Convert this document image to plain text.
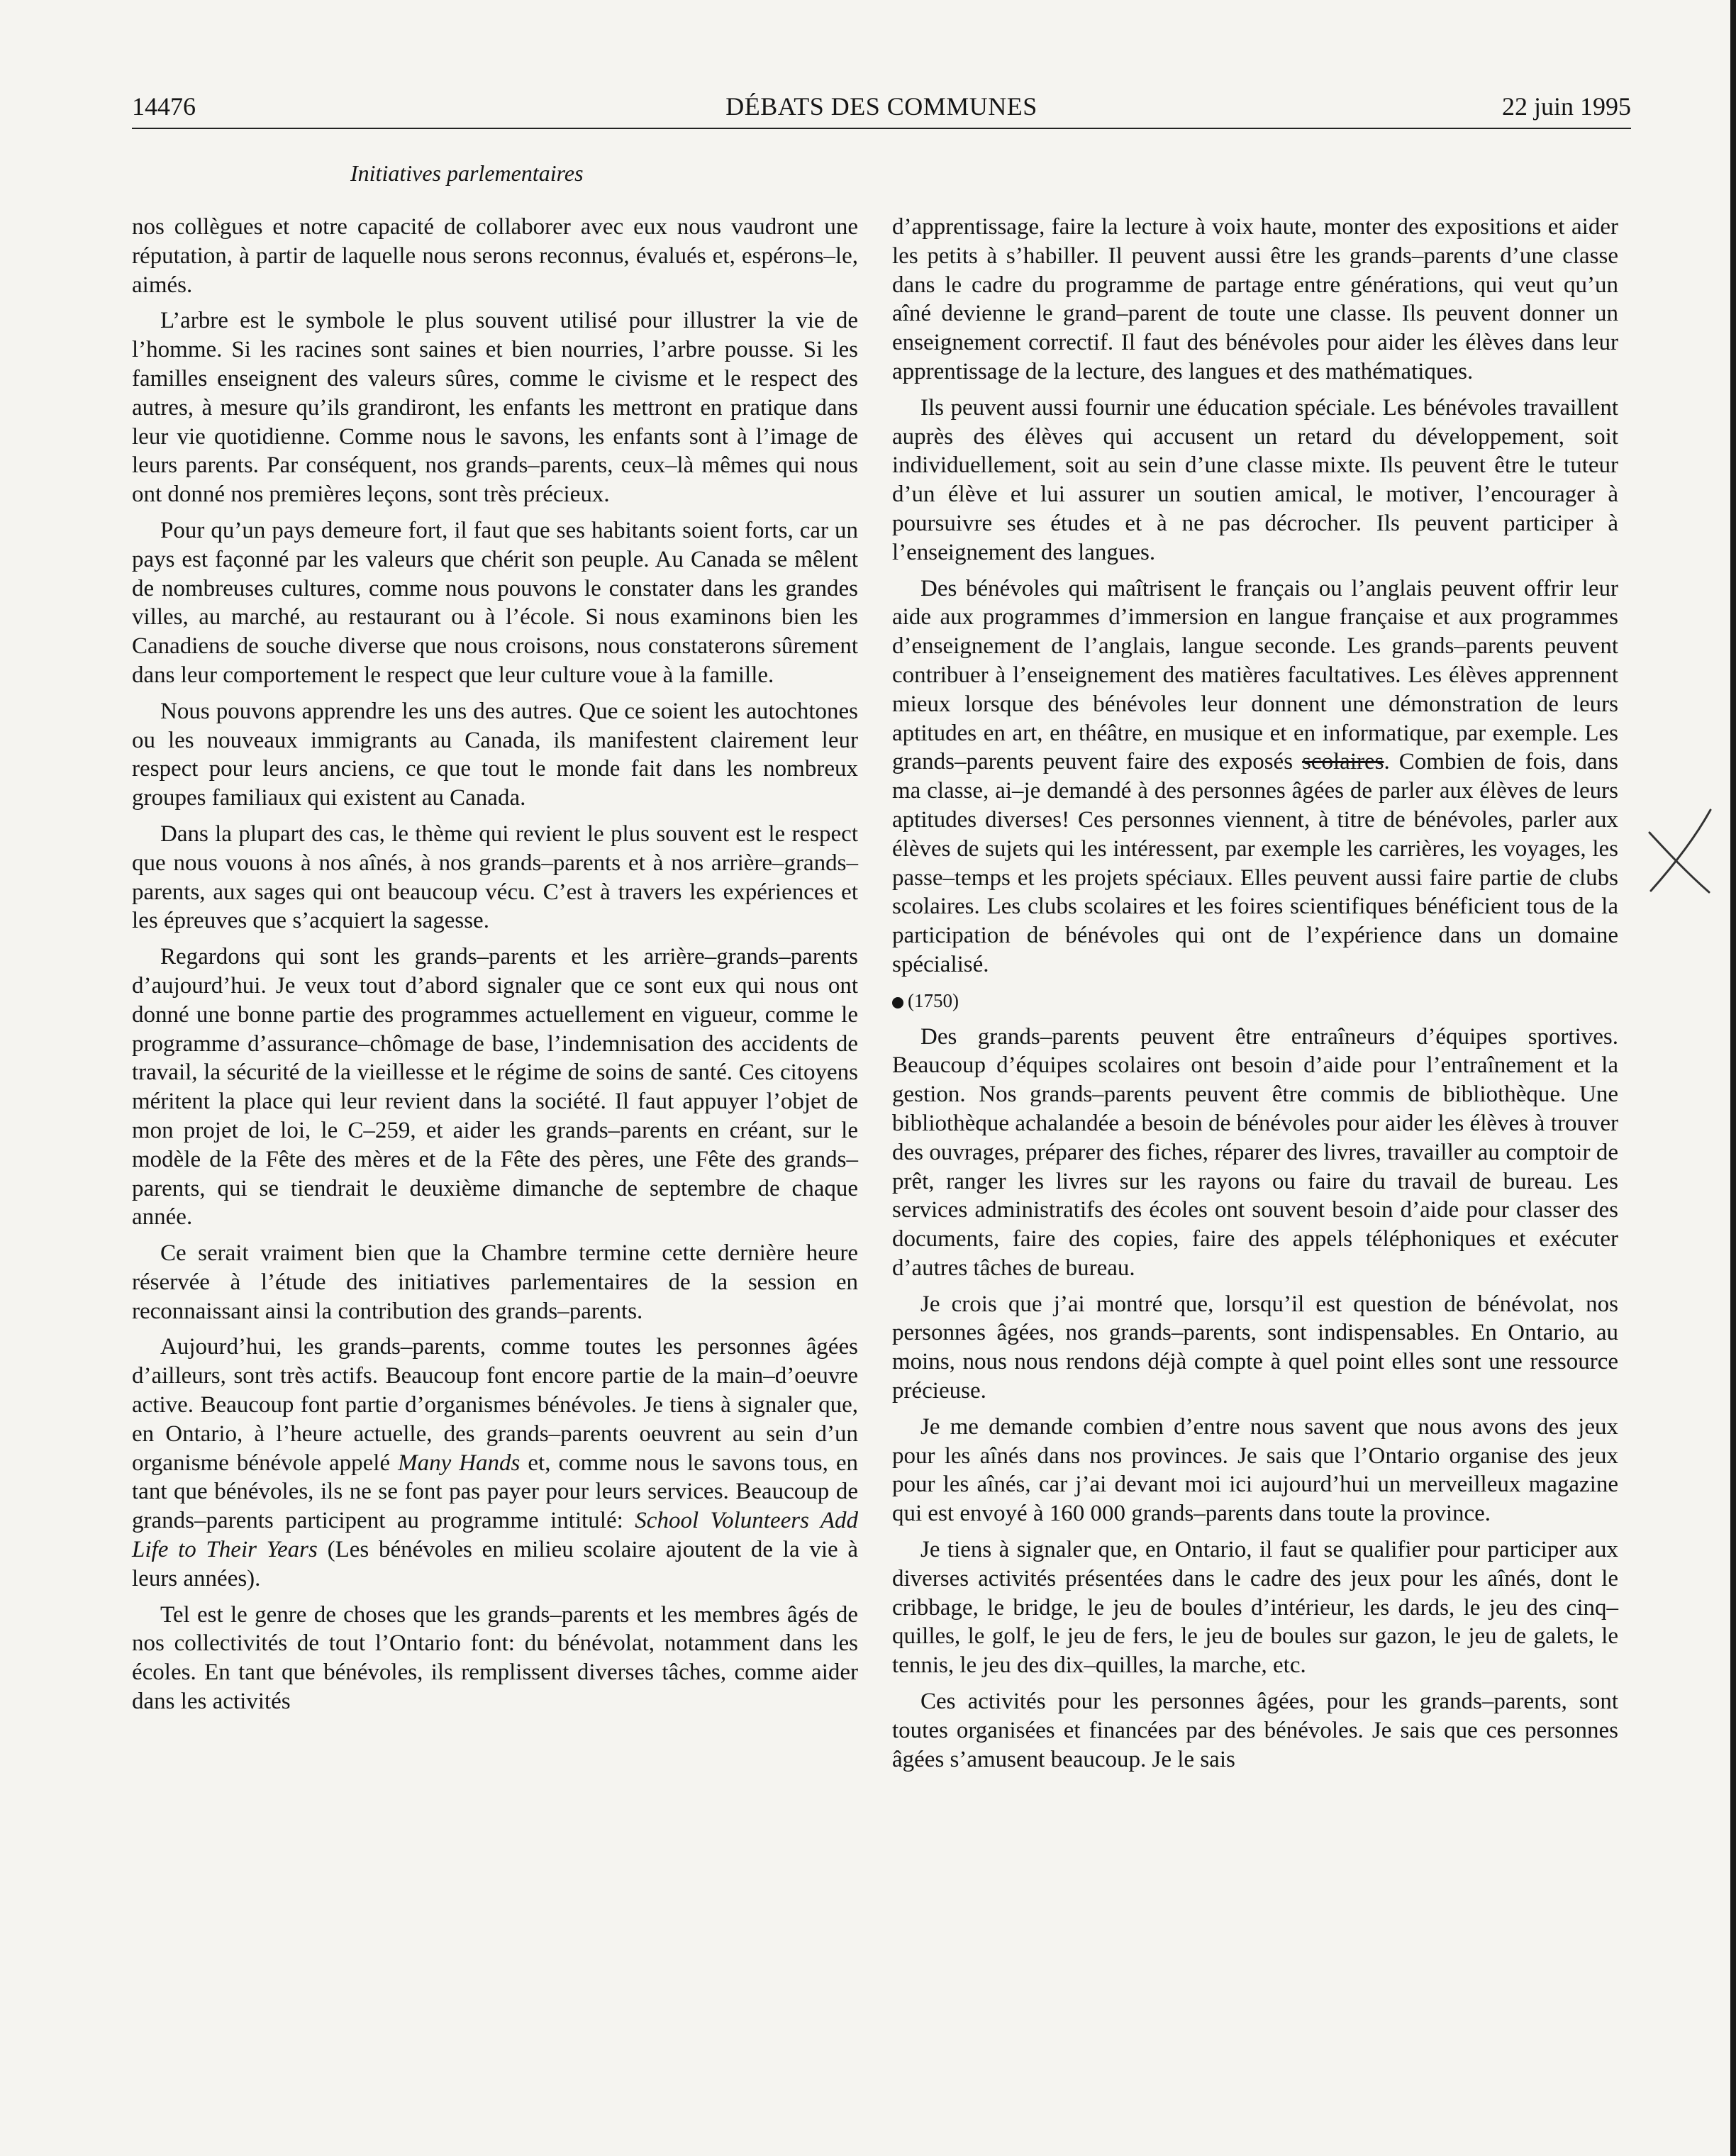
14476	DÉBATS DES COMMUNES	22 juin 1995
Initiatives parlementaires

nos collègues et notre capacité de collaborer avec eux nous vaudront une réputation, à partir de laquelle nous serons reconnus, évalués et, espérons–le, aimés.

L’arbre est le symbole le plus souvent utilisé pour illustrer la vie de l’homme. Si les racines sont saines et bien nourries, l’arbre pousse. Si les familles enseignent des valeurs sûres, comme le civisme et le respect des autres, à mesure qu’ils grandiront, les enfants les mettront en pratique dans leur vie quotidienne. Comme nous le savons, les enfants sont à l’image de leurs parents. Par conséquent, nos grands–parents, ceux–là mêmes qui nous ont donné nos premières leçons, sont très précieux.

Pour qu’un pays demeure fort, il faut que ses habitants soient forts, car un pays est façonné par les valeurs que chérit son peuple. Au Canada se mêlent de nombreuses cultures, comme nous pouvons le constater dans les grandes villes, au marché, au restaurant ou à l’école. Si nous examinons bien les Canadiens de souche diverse que nous croisons, nous constaterons sûrement dans leur comportement le respect que leur culture voue à la famille.

Nous pouvons apprendre les uns des autres. Que ce soient les autochtones ou les nouveaux immigrants au Canada, ils manifestent clairement leur respect pour leurs anciens, ce que tout le monde fait dans les nombreux groupes familiaux qui existent au Canada.

Dans la plupart des cas, le thème qui revient le plus souvent est le respect que nous vouons à nos aînés, à nos grands–parents et à nos arrière–grands–parents, aux sages qui ont beaucoup vécu. C’est à travers les expériences et les épreuves que s’acquiert la sagesse.

Regardons qui sont les grands–parents et les arrière–grands–parents d’aujourd’hui. Je veux tout d’abord signaler que ce sont eux qui nous ont donné une bonne partie des programmes actuellement en vigueur, comme le programme d’assurance–chômage de base, l’indemnisation des accidents de travail, la sécurité de la vieillesse et le régime de soins de santé. Ces citoyens méritent la place qui leur revient dans la société. Il faut appuyer l’objet de mon projet de loi, le C–259, et aider les grands–parents en créant, sur le modèle de la Fête des mères et de la Fête des pères, une Fête des grands–parents, qui se tiendrait le deuxième dimanche de septembre de chaque année.

Ce serait vraiment bien que la Chambre termine cette dernière heure réservée à l’étude des initiatives parlementaires de la session en reconnaissant ainsi la contribution des grands–parents.

Aujourd’hui, les grands–parents, comme toutes les personnes âgées d’ailleurs, sont très actifs. Beaucoup font encore partie de la main–d’oeuvre active. Beaucoup font partie d’organismes bénévoles. Je tiens à signaler que, en Ontario, à l’heure actuelle, des grands–parents oeuvrent au sein d’un organisme bénévole appelé Many Hands et, comme nous le savons tous, en tant que bénévoles, ils ne se font pas payer pour leurs services. Beaucoup de grands–parents participent au programme intitulé: School Volunteers Add Life to Their Years (Les bénévoles en milieu scolaire ajoutent de la vie à leurs années).

Tel est le genre de choses que les grands–parents et les membres âgés de nos collectivités de tout l’Ontario font: du bénévolat, notamment dans les écoles. En tant que bénévoles, ils remplissent diverses tâches, comme aider dans les activités

d’apprentissage, faire la lecture à voix haute, monter des expositions et aider les petits à s’habiller. Il peuvent aussi être les grands–parents d’une classe dans le cadre du programme de partage entre générations, qui veut qu’un aîné devienne le grand–parent de toute une classe. Ils peuvent donner un enseignement correctif. Il faut des bénévoles pour aider les élèves dans leur apprentissage de la lecture, des langues et des mathématiques.

Ils peuvent aussi fournir une éducation spéciale. Les bénévoles travaillent auprès des élèves qui accusent un retard du développement, soit individuellement, soit au sein d’une classe mixte. Ils peuvent être le tuteur d’un élève et lui assurer un soutien amical, le motiver, l’encourager à poursuivre ses études et à ne pas décrocher. Ils peuvent participer à l’enseignement des langues.

Des bénévoles qui maîtrisent le français ou l’anglais peuvent offrir leur aide aux programmes d’immersion en langue française et aux programmes d’enseignement de l’anglais, langue seconde. Les grands–parents peuvent contribuer à l’enseignement des matières facultatives. Les élèves apprennent mieux lorsque des bénévoles leur donnent une démonstration de leurs aptitudes en art, en théâtre, en musique et en informatique, par exemple. Les grands–parents peuvent faire des exposés scolaires. Combien de fois, dans ma classe, ai–je demandé à des personnes âgées de parler aux élèves de leurs aptitudes diverses! Ces personnes viennent, à titre de bénévoles, parler aux élèves de sujets qui les intéressent, par exemple les carrières, les voyages, les passe–temps et les projets spéciaux. Elles peuvent aussi faire partie de clubs scolaires. Les clubs scolaires et les foires scientifiques bénéficient tous de la participation de bénévoles qui ont de l’expérience dans un domaine spécialisé.

(1750)

Des grands–parents peuvent être entraîneurs d’équipes sportives. Beaucoup d’équipes scolaires ont besoin d’aide pour l’entraînement et la gestion. Nos grands–parents peuvent être commis de bibliothèque. Une bibliothèque achalandée a besoin de bénévoles pour aider les élèves à trouver des ouvrages, préparer des fiches, réparer des livres, travailler au comptoir de prêt, ranger les livres sur les rayons ou faire du travail de bureau. Les services administratifs des écoles ont souvent besoin d’aide pour classer des documents, faire des copies, faire des appels téléphoniques et exécuter d’autres tâches de bureau.

Je crois que j’ai montré que, lorsqu’il est question de bénévolat, nos personnes âgées, nos grands–parents, sont indispensables. En Ontario, au moins, nous nous rendons déjà compte à quel point elles sont une ressource précieuse.

Je me demande combien d’entre nous savent que nous avons des jeux pour les aînés dans nos provinces. Je sais que l’Ontario organise des jeux pour les aînés, car j’ai devant moi ici aujourd’hui un merveilleux magazine qui est envoyé à 160 000 grands–parents dans toute la province.

Je tiens à signaler que, en Ontario, il faut se qualifier pour participer aux diverses activités présentées dans le cadre des jeux pour les aînés, dont le cribbage, le bridge, le jeu de boules d’intérieur, les dards, le jeu des cinq–quilles, le golf, le jeu de fers, le jeu de boules sur gazon, le jeu de galets, le tennis, le jeu des dix–quilles, la marche, etc.

Ces activités pour les personnes âgées, pour les grands–parents, sont toutes organisées et financées par des bénévoles. Je sais que ces personnes âgées s’amusent beaucoup. Je le sais
